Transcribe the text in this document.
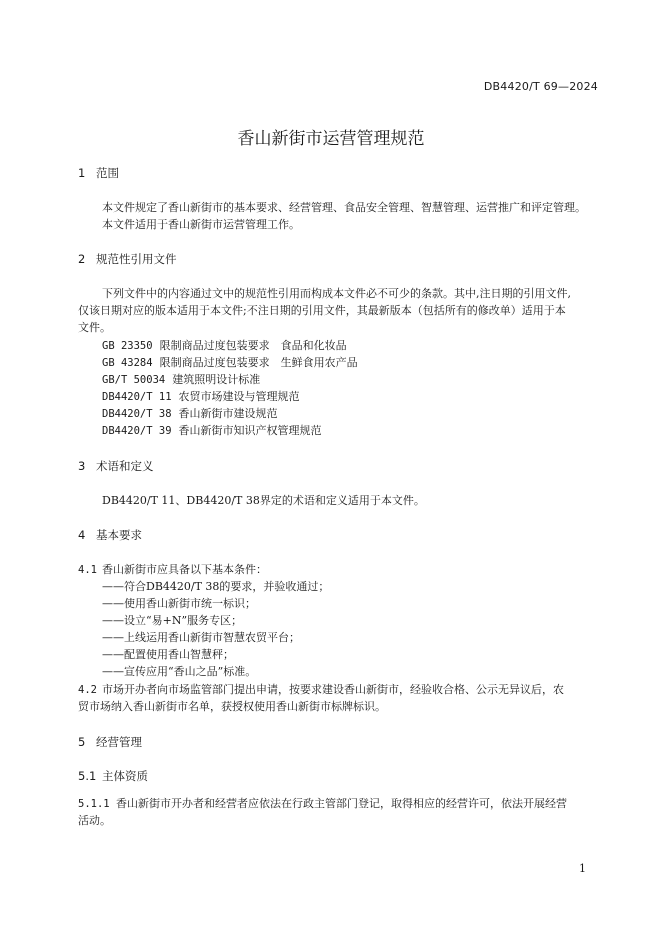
DB4420/T 69—2024
香山新街市运营管理规范
1 范围
本文件规定了香山新街市的基本要求、经营管理、食品安全管理、智慧管理、运营推广和评定管理。
本文件适用于香山新街市运营管理工作。
2 规范性引用文件
下列文件中的内容通过文中的规范性引用而构成本文件必不可少的条款。其中,注日期的引用文件,
仅该日期对应的版本适用于本文件;不注日期的引用文件，其最新版本（包括所有的修改单）适用于本
文件。
GB 23350 限制商品过度包装要求　食品和化妆品
GB 43284 限制商品过度包装要求　生鲜食用农产品
GB/T 50034 建筑照明设计标准
DB4420/T 11 农贸市场建设与管理规范
DB4420/T 38 香山新街市建设规范
DB4420/T 39 香山新街市知识产权管理规范
3 术语和定义
DB4420/T 11、DB4420/T 38界定的术语和定义适用于本文件。
4 基本要求
4.1 香山新街市应具备以下基本条件：
——符合DB4420/T 38的要求，并验收通过；
——使用香山新街市统一标识；
——设立“易+N”服务专区；
——上线运用香山新街市智慧农贸平台；
——配置使用香山智慧秤；
——宣传应用“香山之品”标准。
4.2 市场开办者向市场监管部门提出申请，按要求建设香山新街市，经验收合格、公示无异议后，农
贸市场纳入香山新街市名单，获授权使用香山新街市标牌标识。
5 经营管理
5.1 主体资质
5.1.1 香山新街市开办者和经营者应依法在行政主管部门登记，取得相应的经营许可，依法开展经营
活动。
1
